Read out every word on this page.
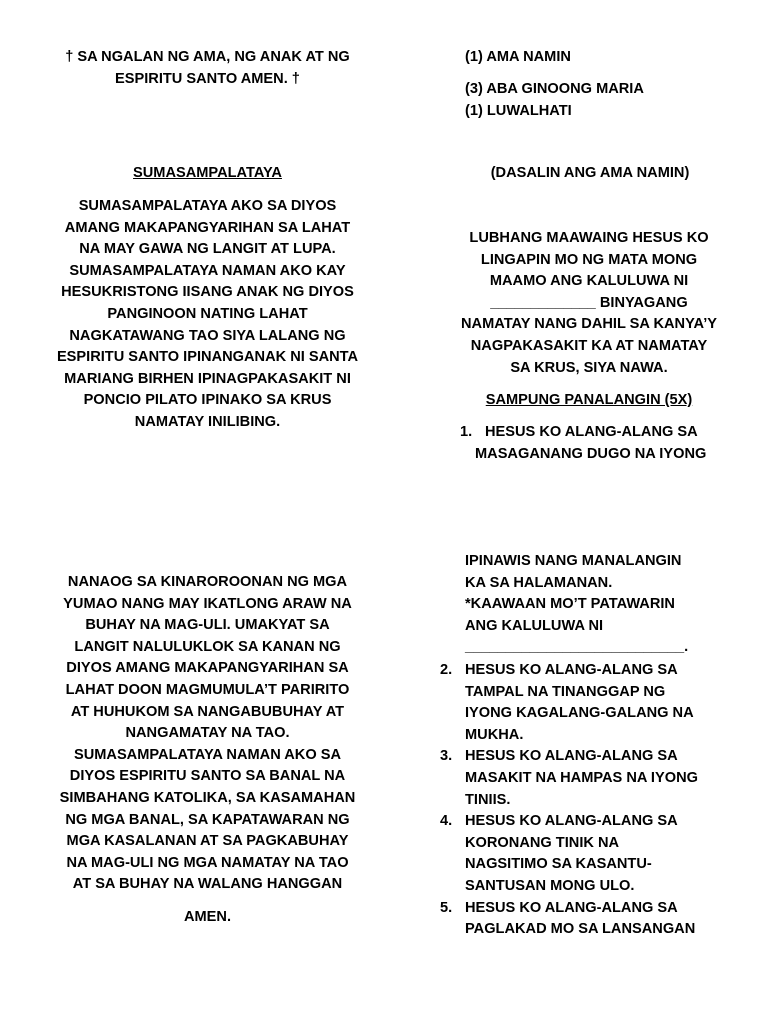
† SA NGALAN NG AMA, NG ANAK AT NG
ESPIRITU SANTO AMEN. †
SUMASAMPALATAYA
SUMASAMPALATAYA AKO SA DIYOS
AMANG MAKAPANGYARIHAN SA LAHAT
NA MAY GAWA NG LANGIT AT LUPA.
SUMASAMPALATAYA NAMAN AKO KAY
HESUKRISTONG IISANG ANAK NG DIYOS
PANGINOON NATING LAHAT
NAGKATAWANG TAO SIYA LALANG NG
ESPIRITU SANTO IPINANGANAK NI SANTA
MARIANG BIRHEN IPINAGPAKASAKIT NI
PONCIO PILATO IPINAKO SA KRUS
NAMATAY INILIBING.
NANAOG SA KINAROROONAN NG MGA
YUMAO NANG MAY IKATLONG ARAW NA
BUHAY NA MAG-ULI. UMAKYAT SA
LANGIT NALULUKLOK SA KANAN NG
DIYOS AMANG MAKAPANGYARIHAN SA
LAHAT DOON MAGMUMULA’T PARIRITO
AT HUHUKOM SA NANGABUBUHAY AT
NANGAMATAY NA TAO.
SUMASAMPALATAYA NAMAN AKO SA
DIYOS ESPIRITU SANTO SA BANAL NA
SIMBAHANG KATOLIKA, SA KASAMAHAN
NG MGA BANAL, SA KAPATAWARAN NG
MGA KASALANAN AT SA PAGKABUHAY
NA MAG-ULI NG MGA NAMATAY NA TAO
AT SA BUHAY NA WALANG HANGGAN
AMEN.
(1) AMA NAMIN
(3) ABA GINOONG MARIA
(1) LUWALHATI
(DASALIN ANG AMA NAMIN)
LUBHANG MAAWAING HESUS KO
LINGAPIN MO NG MATA MONG
MAAMO ANG KALULUWA NI
_____________ BINYAGANG
NAMATAY NANG DAHIL SA KANYA’Y
NAGPAKASAKIT KA AT NAMATAY
SA KRUS, SIYA NAWA.
SAMPUNG PANALANGIN (5X)
1. HESUS KO ALANG-ALANG SA
MASAGANANG DUGO NA IYONG
IPINAWIS NANG MANALANGIN
KA SA HALAMANAN.
*KAAWAAN MO’T PATAWARIN
ANG KALULUWA NI
___________________________.
2. HESUS KO ALANG-ALANG SA
TAMPAL NA TINANGGAP NG
IYONG KAGALANG-GALANG NA
MUKHA.
3. HESUS KO ALANG-ALANG SA
MASAKIT NA HAMPAS NA IYONG
TINIIS.
4. HESUS KO ALANG-ALANG SA
KORONANG TINIK NA
NAGSITIMO SA KASANTU-
SANTUSAN MONG ULO.
5. HESUS KO ALANG-ALANG SA
PAGLAKAD MO SA LANSANGAN
